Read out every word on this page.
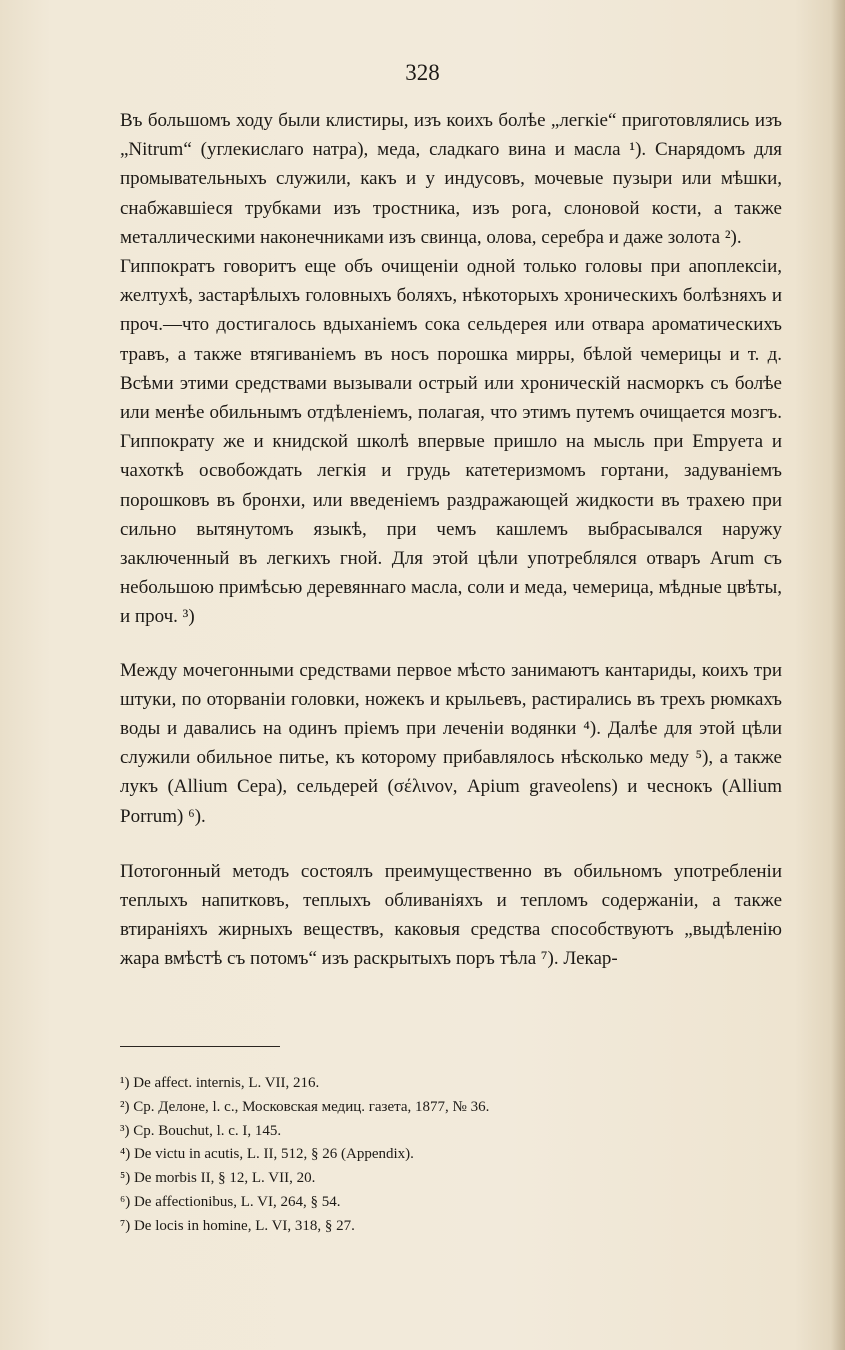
328

Въ большомъ ходу были клистиры, изъ коихъ болѣе „легкіе“ приготовлялись изъ „Nitrum“ (углекислаго натра), меда, сладкаго вина и масла ¹). Снарядомъ для промывательныхъ служили, какъ и у индусовъ, мочевые пузыри или мѣшки, снабжавшіеся трубками изъ тростника, изъ рога, слоновой кости, а также металлическими наконечниками изъ свинца, олова, серебра и даже золота ²).

Гиппократъ говоритъ еще объ очищеніи одной только головы при апоплексіи, желтухѣ, застарѣлыхъ головныхъ боляхъ, нѣкоторыхъ хроническихъ болѣзняхъ и проч.—что достигалось вдыханіемъ сока сельдерея или отвара ароматическихъ травъ, а также втягиваніемъ въ носъ порошка мирры, бѣлой чемерицы и т. д. Всѣми этими средствами вызывали острый или хроническій насморкъ съ болѣе или менѣе обильнымъ отдѣленіемъ, полагая, что этимъ путемъ очищается мозгъ. Гиппократу же и книдской школѣ впервые пришло на мысль при Empyeта и чахоткѣ освобождать легкія и грудь катетеризмомъ гортани, задуваніемъ порошковъ въ бронхи, или введеніемъ раздражающей жидкости въ трахею при сильно вытянутомъ языкѣ, при чемъ кашлемъ выбрасывался наружу заключенный въ легкихъ гной. Для этой цѣли употреблялся отваръ Arum съ небольшою примѣсью деревяннаго масла, соли и меда, чемерица, мѣдные цвѣты, и проч. ³)

Между мочегонными средствами первое мѣсто занимаютъ кантариды, коихъ три штуки, по оторваніи головки, ножекъ и крыльевъ, растирались въ трехъ рюмкахъ воды и давались на одинъ пріемъ при леченіи водянки ⁴). Далѣе для этой цѣли служили обильное питье, къ которому прибавлялось нѣсколько меду ⁵), а также лукъ (Allium Cepa), сельдерей (σέλινον, Apium graveolens) и чеснокъ (Allium Porrum) ⁶).

Потогонный методъ состоялъ преимущественно въ обильномъ употребленіи теплыхъ напитковъ, теплыхъ обливаніяхъ и тепломъ содержаніи, а также втираніяхъ жирныхъ веществъ, каковыя средства способствуютъ „выдѣленію жара вмѣстѣ съ потомъ“ изъ раскрытыхъ поръ тѣла ⁷). Лекар-

¹) De affect. internis, L. VII, 216.
²) Ср. Делоне, l. c., Московская медиц. газета, 1877, № 36.
³) Ср. Bouchut, l. c. I, 145.
⁴) De victu in acutis, L. II, 512, § 26 (Appendix).
⁵) De morbis II, § 12, L. VII, 20.
⁶) De affectionibus, L. VI, 264, § 54.
⁷) De locis in homine, L. VI, 318, § 27.
